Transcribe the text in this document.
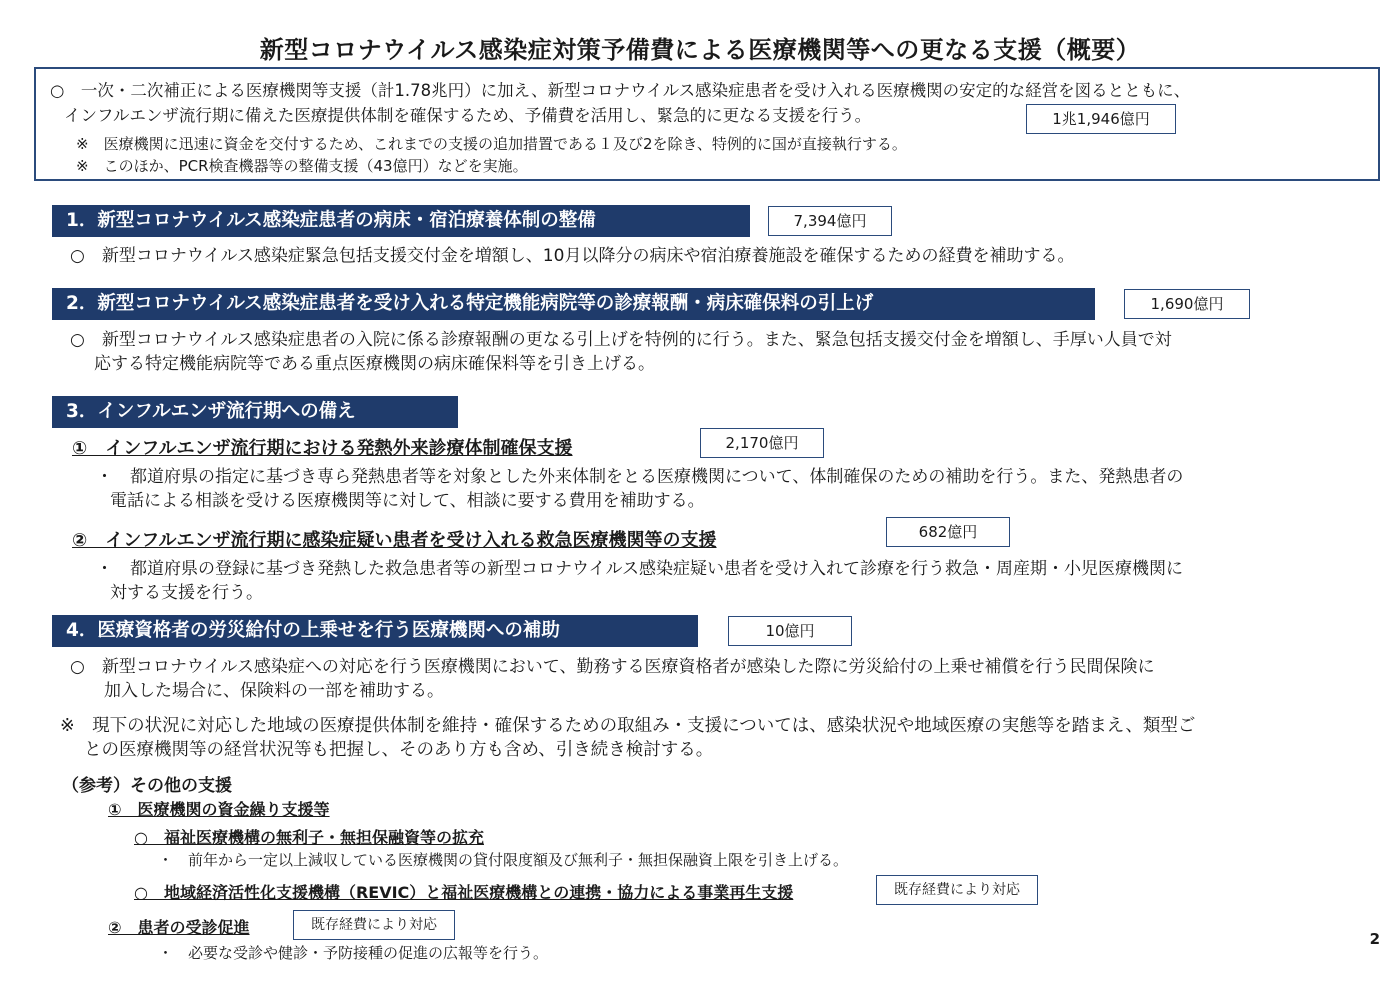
新型コロナウイルス感染症対策予備費による医療機関等への更なる支援（概要）
○　一次・二次補正による医療機関等支援（計1.78兆円）に加え、新型コロナウイルス感染症患者を受け入れる医療機関の安定的な経営を図るとともに、
インフルエンザ流行期に備えた医療提供体制を確保するため、予備費を活用し、緊急的に更なる支援を行う。	1兆1,946億円
※　医療機関に迅速に資金を交付するため、これまでの支援の追加措置である１及び2を除き、特例的に国が直接執行する。
※　このほか、PCR検査機器等の整備支援（43億円）などを実施。
1．新型コロナウイルス感染症患者の病床・宿泊療養体制の整備	7,394億円
○　新型コロナウイルス感染症緊急包括支援交付金を増額し、10月以降分の病床や宿泊療養施設を確保するための経費を補助する。
2．新型コロナウイルス感染症患者を受け入れる特定機能病院等の診療報酬・病床確保料の引上げ	1,690億円
○　新型コロナウイルス感染症患者の入院に係る診療報酬の更なる引上げを特例的に行う。また、緊急包括支援交付金を増額し、手厚い人員で対
応する特定機能病院等である重点医療機関の病床確保料等を引き上げる。
3．インフルエンザ流行期への備え
①　インフルエンザ流行期における発熱外来診療体制確保支援	2,170億円
・　都道府県の指定に基づき専ら発熱患者等を対象とした外来体制をとる医療機関について、体制確保のための補助を行う。また、発熱患者の
電話による相談を受ける医療機関等に対して、相談に要する費用を補助する。
②　インフルエンザ流行期に感染症疑い患者を受け入れる救急医療機関等の支援	682億円
・　都道府県の登録に基づき発熱した救急患者等の新型コロナウイルス感染症疑い患者を受け入れて診療を行う救急・周産期・小児医療機関に
対する支援を行う。
4．医療資格者の労災給付の上乗せを行う医療機関への補助	10億円
○　新型コロナウイルス感染症への対応を行う医療機関において、勤務する医療資格者が感染した際に労災給付の上乗せ補償を行う民間保険に
加入した場合に、保険料の一部を補助する。
※　現下の状況に対応した地域の医療提供体制を維持・確保するための取組み・支援については、感染状況や地域医療の実態等を踏まえ、類型ご
との医療機関等の経営状況等も把握し、そのあり方も含め、引き続き検討する。
（参考）その他の支援
①　医療機関の資金繰り支援等
○　福祉医療機構の無利子・無担保融資等の拡充
・　前年から一定以上減収している医療機関の貸付限度額及び無利子・無担保融資上限を引き上げる。
○　地域経済活性化支援機構（REVIC）と福祉医療機構との連携・協力による事業再生支援	既存経費により対応
②　患者の受診促進	既存経費により対応
・　必要な受診や健診・予防接種の促進の広報等を行う。
2
